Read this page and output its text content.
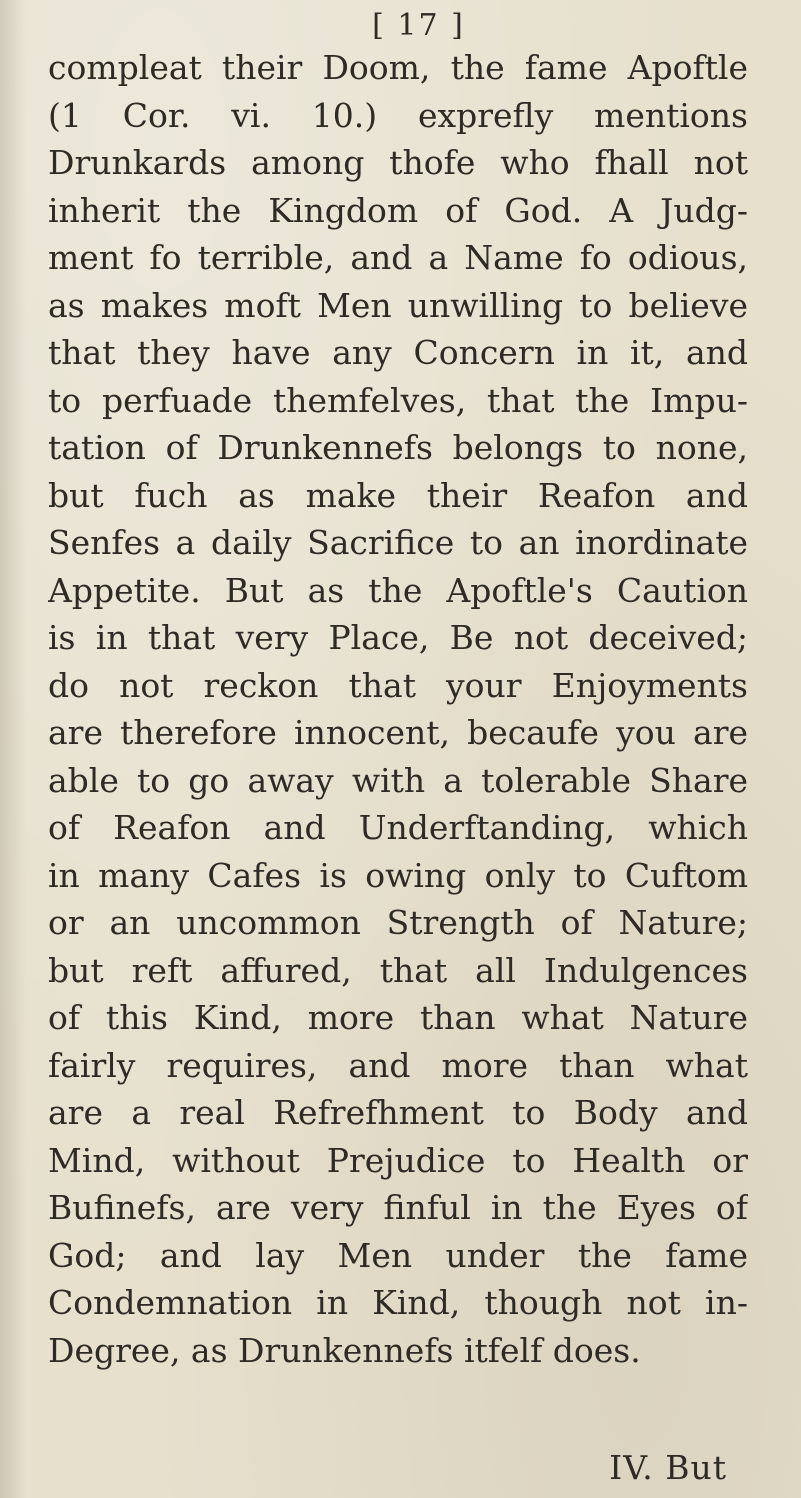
[ 17 ]
compleat their Doom, the fame Apoftle
(1 Cor. vi. 10.) exprefly mentions
Drunkards among thofe who fhall not
inherit the Kingdom of God. A Judg-
ment fo terrible, and a Name fo odious,
as makes moft Men unwilling to believe
that they have any Concern in it, and
to perfuade themfelves, that the Impu-
tation of Drunkennefs belongs to none,
but fuch as make their Reafon and
Senfes a daily Sacrifice to an inordinate
Appetite. But as the Apoftle's Caution
is in that very Place, Be not deceived;
do not reckon that your Enjoyments
are therefore innocent, becaufe you are
able to go away with a tolerable Share
of Reafon and Underftanding, which
in many Cafes is owing only to Cuftom
or an uncommon Strength of Nature;
but reft affured, that all Indulgences
of this Kind, more than what Nature
fairly requires, and more than what
are a real Refrefhment to Body and
Mind, without Prejudice to Health or
Bufinefs, are very finful in the Eyes of
God; and lay Men under the fame
Condemnation in Kind, though not in-
Degree, as Drunkennefs itfelf does.
IV. But
